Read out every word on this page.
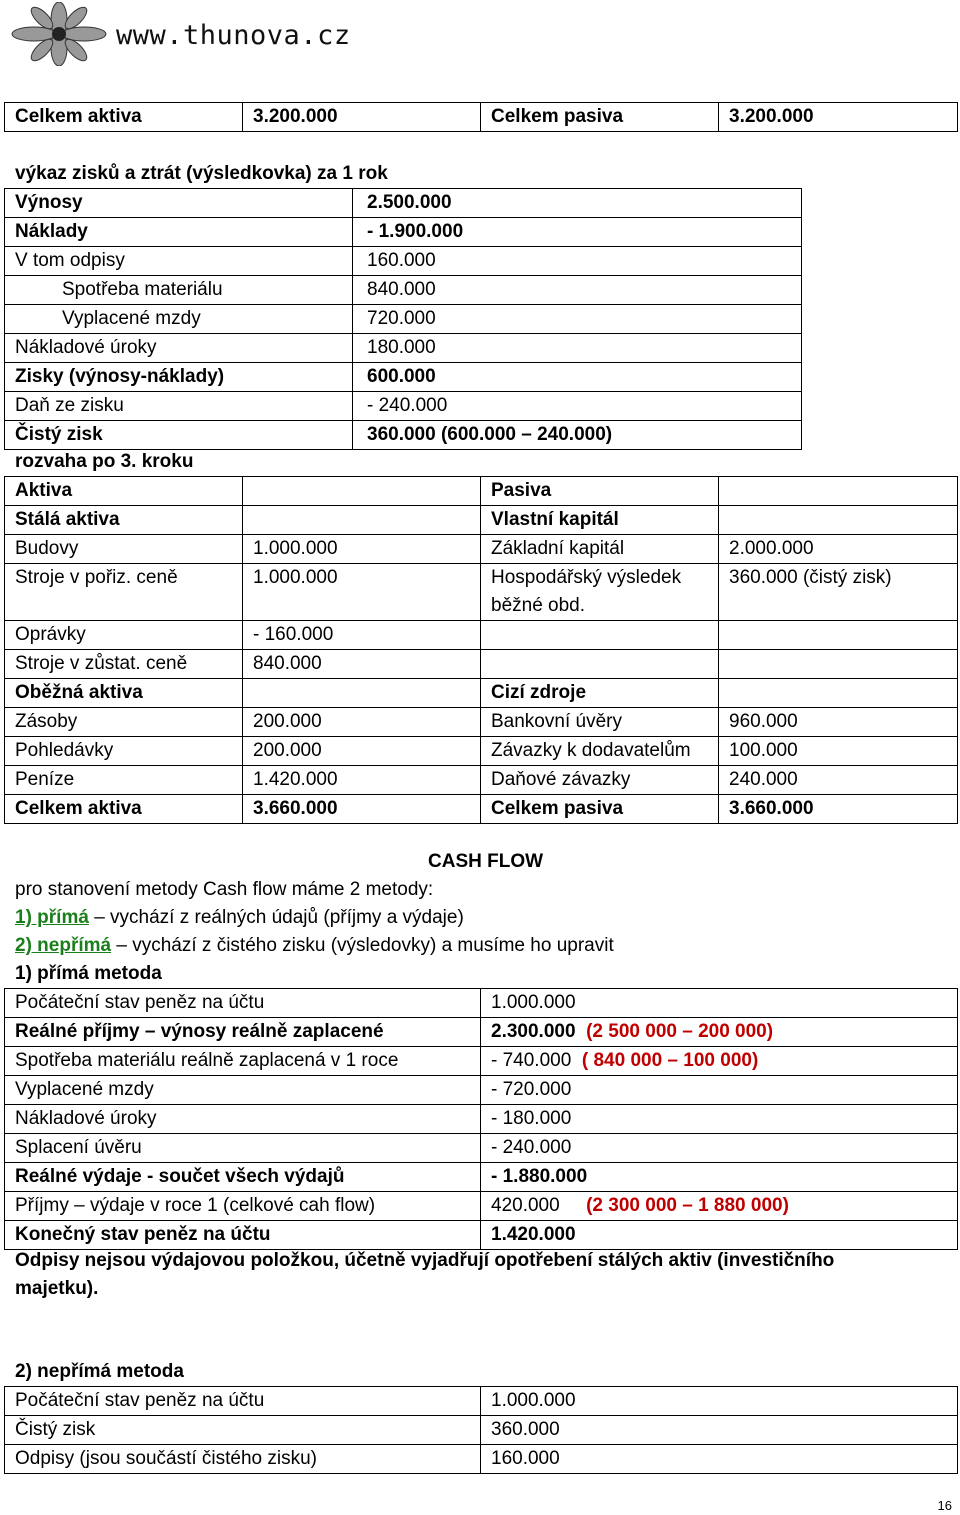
www.thunova.cz
Celkem aktiva	3.200.000	Celkem pasiva	3.200.000
výkaz zisků a ztrát (výsledkovka) za 1 rok
Výnosy	2.500.000
Náklady	- 1.900.000
V tom odpisy	160.000
Spotřeba materiálu	840.000
Vyplacené mzdy	720.000
Nákladové úroky	180.000
Zisky (výnosy-náklady)	600.000
Daň ze zisku	- 240.000
Čistý zisk	360.000 (600.000 – 240.000)
rozvaha po 3. kroku
Aktiva		Pasiva	
Stálá aktiva		Vlastní kapitál	
Budovy	1.000.000	Základní kapitál	2.000.000
Stroje v pořiz. ceně	1.000.000	Hospodářský výsledek běžné obd.	360.000 (čistý zisk)
Oprávky	- 160.000		
Stroje v zůstat. ceně	840.000		
Oběžná aktiva		Cizí zdroje	
Zásoby	200.000	Bankovní úvěry	960.000
Pohledávky	200.000	Závazky k dodavatelům	100.000
Peníze	1.420.000	Daňové závazky	240.000
Celkem aktiva	3.660.000	Celkem pasiva	3.660.000
CASH FLOW
pro stanovení metody Cash flow máme 2 metody:
1) přímá – vychází z reálných údajů (příjmy a výdaje)
2) nepřímá – vychází z čistého zisku (výsledovky) a musíme ho upravit
1) přímá metoda
Počáteční stav peněz na účtu	1.000.000
Reálné příjmy – výnosy reálně zaplacené	2.300.000 (2 500 000 – 200 000)
Spotřeba materiálu reálně zaplacená v 1 roce	- 740.000 ( 840 000 – 100 000)
Vyplacené mzdy	- 720.000
Nákladové úroky	- 180.000
Splacení úvěru	- 240.000
Reálné výdaje - součet všech výdajů	- 1.880.000
Příjmy – výdaje v roce 1 (celkové cah flow)	420.000 (2 300 000 – 1 880 000)
Konečný stav peněz na účtu	1.420.000
Odpisy nejsou výdajovou položkou, účetně vyjadřují opotřebení stálých aktiv (investičního majetku).
2) nepřímá metoda
Počáteční stav peněz na účtu	1.000.000
Čistý zisk	360.000
Odpisy (jsou součástí čistého zisku)	160.000
16
